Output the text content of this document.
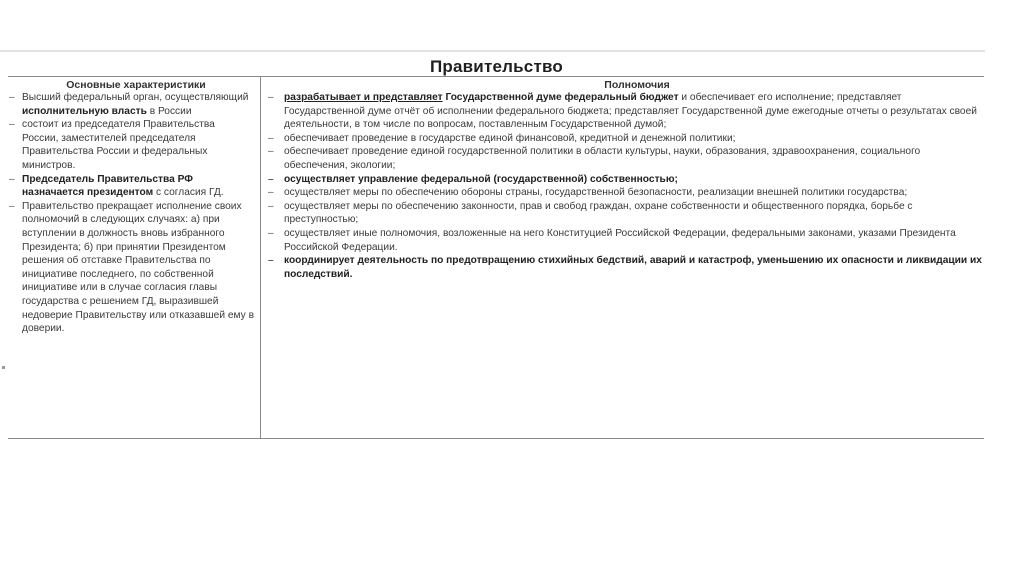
Правительство
Основные характеристики
– Высший федеральный орган, осуществляющий исполнительную власть в России
– состоит из председателя Правительства России, заместителей председателя Правительства России и федеральных министров.
– Председатель Правительства РФ назначается президентом с согласия ГД.
– Правительство прекращает исполнение своих полномочий в следующих случаях: а) при вступлении в должность вновь избранного Президента; б) при принятии Президентом решения об отставке Правительства по инициативе последнего, по собственной инициативе или в случае согласия главы государства с решением ГД, выразившей недоверие Правительству или отказавшей ему в доверии.
Полномочия
– разрабатывает и представляет Государственной думе федеральный бюджет и обеспечивает его исполнение; представляет Государственной думе отчёт об исполнении федерального бюджета; представляет Государственной думе ежегодные отчеты о результатах своей деятельности, в том числе по вопросам, поставленным Государственной думой;
– обеспечивает проведение в государстве единой финансовой, кредитной и денежной политики;
– обеспечивает проведение единой государственной политики в области культуры, науки, образования, здравоохранения, социального обеспечения, экологии;
– осуществляет управление федеральной (государственной) собственностью;
– осуществляет меры по обеспечению обороны страны, государственной безопасности, реализации внешней политики государства;
– осуществляет меры по обеспечению законности, прав и свобод граждан, охране собственности и общественного порядка, борьбе с преступностью;
– осуществляет иные полномочия, возложенные на него Конституцией Российской Федерации, федеральными законами, указами Президента Российской Федерации.
– координирует деятельность по предотвращению стихийных бедствий, аварий и катастроф, уменьшению их опасности и ликвидации их последствий.
